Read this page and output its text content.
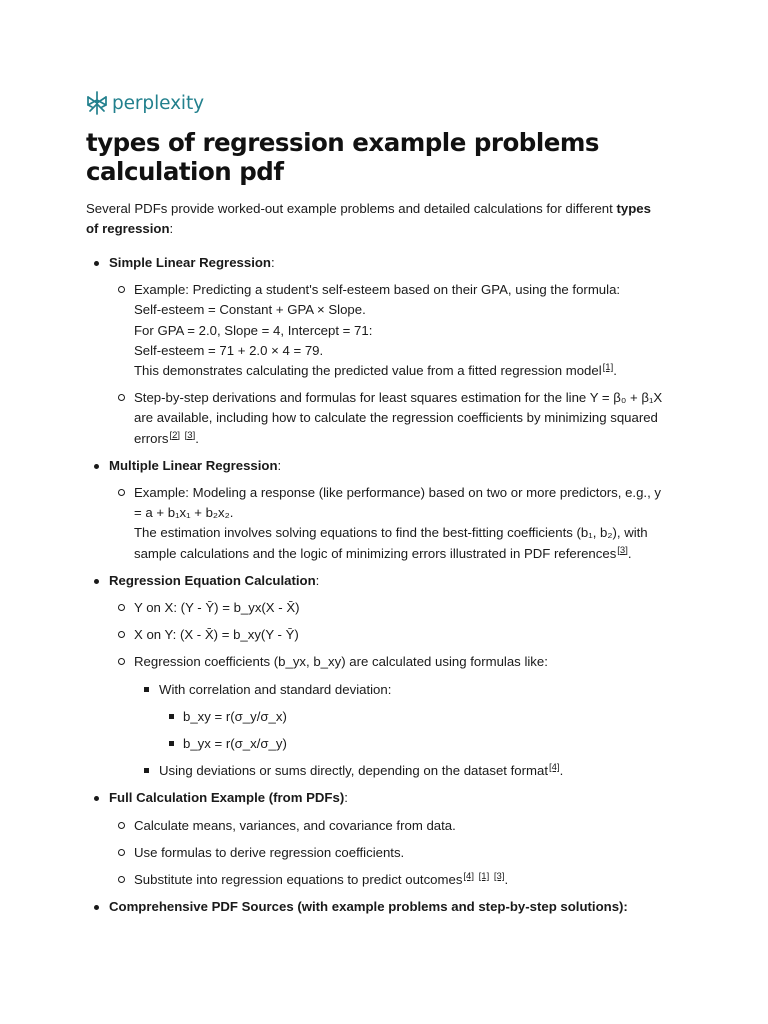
perplexity
types of regression example problems calculation pdf

Several PDFs provide worked-out example problems and detailed calculations for different types of regression:

Simple Linear Regression:
Example: Predicting a student's self-esteem based on their GPA, using the formula:
Self-esteem = Constant + GPA × Slope.
For GPA = 2.0, Slope = 4, Intercept = 71:
Self-esteem = 71 + 2.0 × 4 = 79.
This demonstrates calculating the predicted value from a fitted regression model[1].
Step-by-step derivations and formulas for least squares estimation for the line Y = β₀ + β₁X are available, including how to calculate the regression coefficients by minimizing squared errors[2] [3].
Multiple Linear Regression:
Example: Modeling a response (like performance) based on two or more predictors, e.g., y = a + b₁x₁ + b₂x₂.
The estimation involves solving equations to find the best-fitting coefficients (b₁, b₂), with sample calculations and the logic of minimizing errors illustrated in PDF references[3].
Regression Equation Calculation:
Y on X: (Y - Ȳ) = b_yx(X - X̄)
X on Y: (X - X̄) = b_xy(Y - Ȳ)
Regression coefficients (b_yx, b_xy) are calculated using formulas like:
With correlation and standard deviation:
b_xy = r(σ_y/σ_x)
b_yx = r(σ_x/σ_y)
Using deviations or sums directly, depending on the dataset format[4].
Full Calculation Example (from PDFs):
Calculate means, variances, and covariance from data.
Use formulas to derive regression coefficients.
Substitute into regression equations to predict outcomes[4] [1] [3].
Comprehensive PDF Sources (with example problems and step-by-step solutions):
